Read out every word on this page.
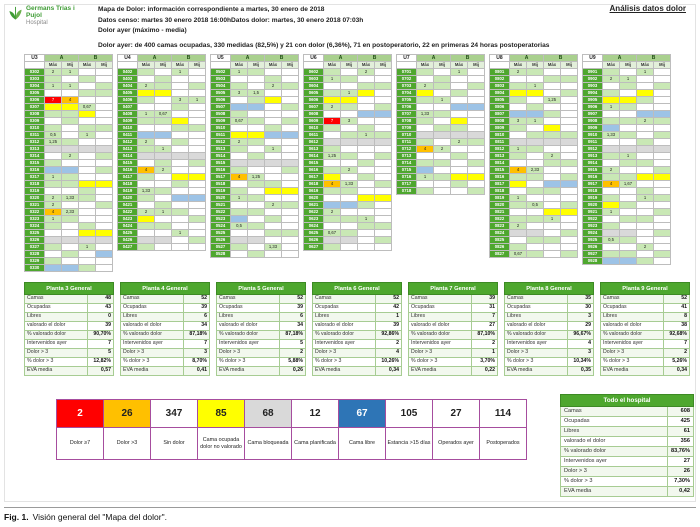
Germans Trias i Pujol
Hospital
Mapa de Dolor: información correspondiente a martes, 30 enero de 2018
Datos censo: martes 30 enero 2018 16:00hDatos dolor: martes, 30 enero 2018 07:03h
Dolor ayer (máximo - media)
Análisis datos dolor
Dolor ayer: de 400 camas ocupadas, 330 medidas (82,5%) y 21 con dolor (6,36%), 71 en postoperatorio, 22 en primeras 24 horas postoperatorias
U3	A		B	
	Máx	Mij	Máx	Mij
0302	2	1		
0303				
0304	1	1		
0305				
0306	7	4		
0307			0,67	
0308				
0309				
0310				
0311	0,5		1	
0312	1,25			
0313				
0314		2		
0315				
0316				
0317	1			
0318				
0319				
0320	2	1,33		
0321	2			
0322	4	2,33		
0323	1			
0324				
0325				
0326				
0327			1	
0328				
0329				
0330				
U4	A		B	
	Máx	Mij	Máx	Mij
0402			1	
0403				
0404	2			
0405				
0406			3	1
0407				
0408	1	0,67		
0409				
0410				
0411				
0412	2			
0413		1		
0414				
0415				
0416	4	2		
0417				
0418				
0419	1,33			
0420				
0421				
0422	2	1		
0423				
0424				
0425			1	
0426				
0427				
U5	A		B	
	Máx	Mij	Máx	Mij
0502	1			
0503				
0504			2	
0505	3	1,5		
0506				
0507				
0508				
0509	0,67			
0510				
0511				
0512	2			
0513			1	
0514				
0515				
0516				
0517	4	1,25		
0518				
0519				
0520	1			
0521			2	
0522				
0523				
0524	0,5			
0525				
0526				
0527			1,33	
0528				
U6	A		B	
	Máx	Mij	Máx	Mij
0602			2	
0603	1			
0604				
0605		1		
0606				
0607	2			
0608				
0609	7	3		
0610				
0611			1	
0612				
0613				
0614	1,25			
0615				
0616		2		
0617				
0618	4	1,33		
0619				
0620				
0621				
0622	2			
0623			1	
0624				
0625	0,67			
0626				
0627				
U7	A		B	
	Máx	Mij	Máx	Mij
0701			1	
0702				
0703	2			
0704				
0705		1		
0706				
0707	1,33			
0708				
0709				
0710				
0711			2	
0712	4	2		
0713				
0714				
0715				
0716	1			
0717				
0718				
U8	A		B	
	Máx	Mij	Máx	Mij
0801	2			
0802				
0803		1		
0804				
0805			1,25	
0806				
0807				
0808	3	1		
0809				
0810				
0811				
0812	1			
0813			2	
0814				
0815	4	2,33		
0816				
0817				
0818				
0819	1			
0820		0,5		
0821				
0822			1	
0823	2			
0824				
0825				
0826				
0827	0,67			
U9	A		B	
	Máx	Mij	Máx	Mij
0901			1	
0902	2	1		
0903				
0904				
0905				
0906	1			
0907				
0908			2	
0909				
0910	1,33			
0911				
0912				
0913		1		
0914				
0915	2			
0916				
0917	4	1,67		
0918				
0919			1	
0920				
0921	1			
0922				
0923				
0924				
0925	0,5			
0926			2	
0927				
0928				
Planta 3 General	
Camas	48
Ocupadas	43
Libres	0
valorado el dolor	39
% valorado dolor	90,70%
Intervenidos ayer	7
Dolor > 3	5
% dolor > 3	12,82%
EVA media	0,57
Planta 4 General	
Camas	52
Ocupadas	39
Libres	6
valorado el dolor	34
% valorado dolor	87,18%
Intervenidos ayer	7
Dolor > 3	3
% dolor > 3	8,70%
EVA media	0,41
Planta 5 General	
Camas	52
Ocupadas	39
Libres	6
valorado el dolor	34
% valorado dolor	87,18%
Intervenidos ayer	5
Dolor > 3	2
% dolor > 3	5,88%
EVA media	0,26
Planta 6 General	
Camas	52
Ocupadas	42
Libres	1
valorado el dolor	39
% valorado dolor	92,86%
Intervenidos ayer	2
Dolor > 3	4
% dolor > 3	10,26%
EVA media	0,34
Planta 7 General	
Camas	39
Ocupadas	31
Libres	7
valorado el dolor	27
% valorado dolor	87,10%
Intervenidos ayer	2
Dolor > 3	1
% dolor > 3	3,70%
EVA media	0,22
Planta 8 General	
Camas	35
Ocupadas	30
Libres	3
valorado el dolor	29
% valorado dolor	96,67%
Intervenidos ayer	4
Dolor > 3	3
% dolor > 3	10,34%
EVA media	0,35
Planta 9 General	
Camas	52
Ocupadas	41
Libres	8
valorado el dolor	38
% valorado dolor	92,68%
Intervenidos ayer	7
Dolor > 3	2
% dolor > 3	5,26%
EVA media	0,34
2	26	347	85	68	12	67	105	27	114
Dolor ≥7	Dolor >3	Sin dolor	Cama ocupada dolor no valorado	Cama bloqueada	Cama planificada	Cama libre	Estancia >15 días	Operados ayer	Postoperados
Todo el hospital	
Camas	608
Ocupadas	425
Libres	61
valorado el dolor	356
% valorado dolor	83,76%
Intervenidos ayer	27
Dolor > 3	26
% dolor > 3	7,30%
EVA media	0,42
Fig. 1. Visión general del "Mapa del dolor".
